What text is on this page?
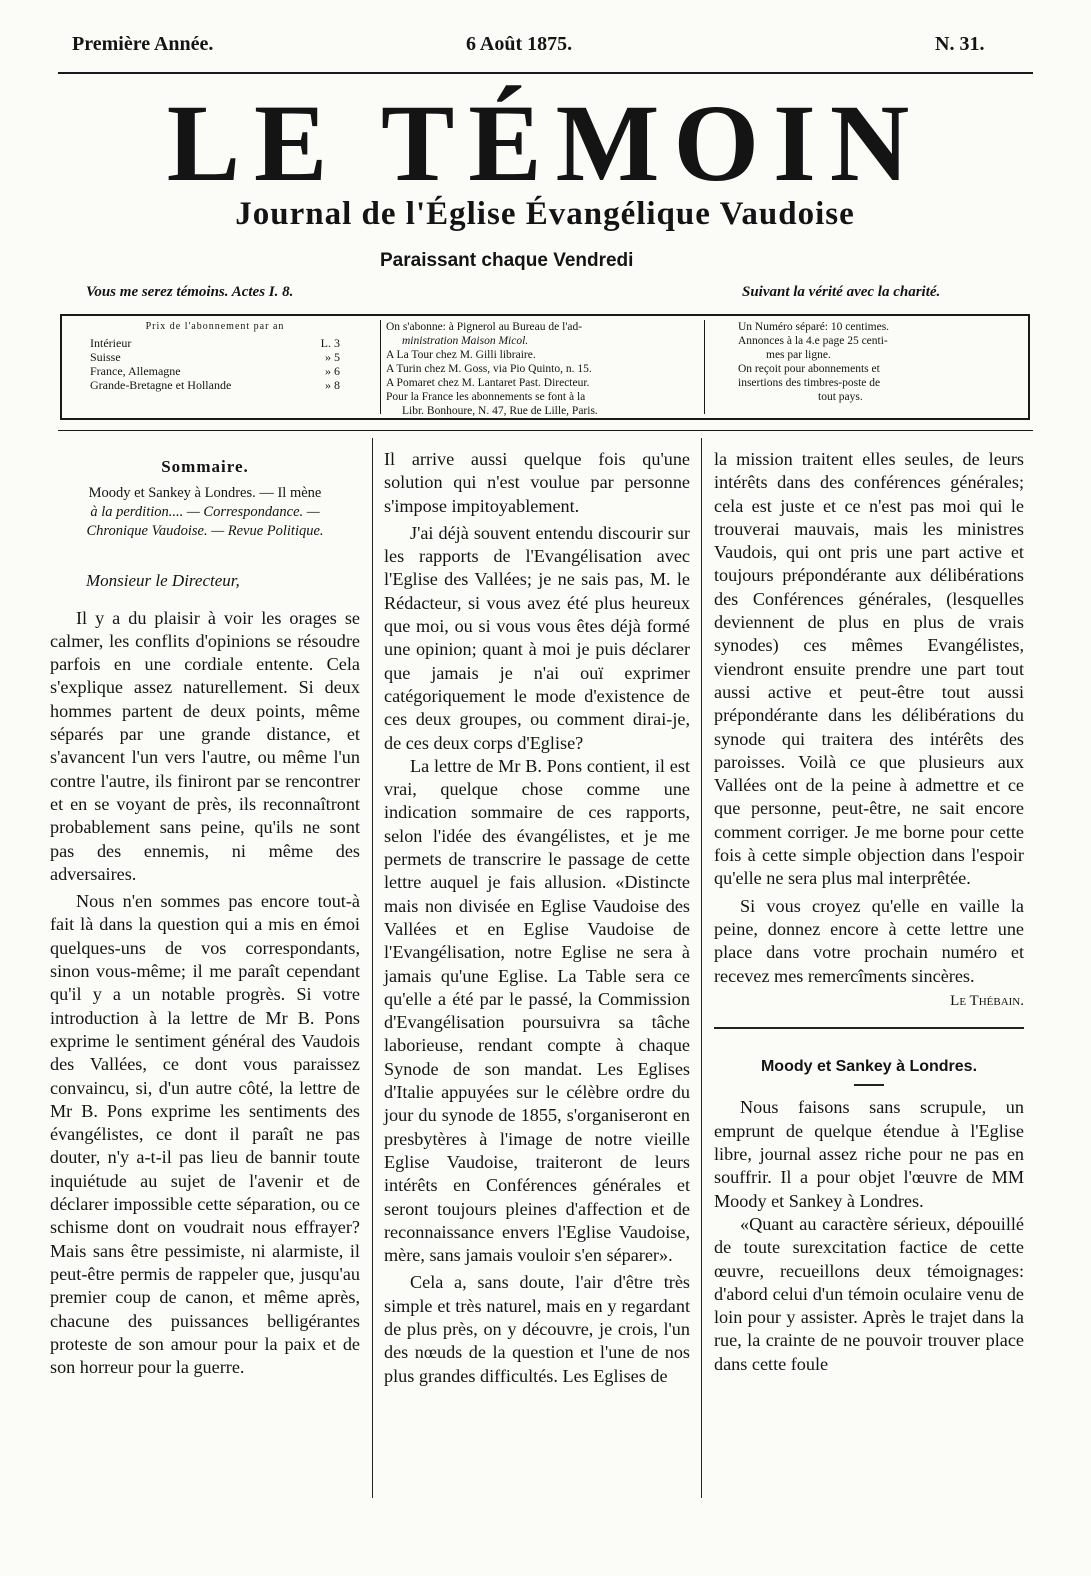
Première Année.	6 Août 1875.	N. 31.
LE TÉMOIN
Journal de l'Église Évangélique Vaudoise
Paraissant chaque Vendredi
Vous me serez témoins. Actes I. 8.	Suivant la vérité avec la charité.
Prix de l'abonnement par an
Intérieur	L. 3
Suisse	» 5
France, Allemagne	» 6
Grande-Bretagne et Hollande	» 8
On s'abonne: à Pignerol au Bureau de l'ad-
ministration Maison Micol.
A La Tour chez M. Gilli libraire.
A Turin chez M. Goss, via Pio Quinto, n. 15.
A Pomaret chez M. Lantaret Past. Directeur.
Pour la France les abonnements se font à la
Libr. Bonhoure, N. 47, Rue de Lille, Paris.
Un Numéro séparé: 10 centimes.
Annonces à la 4.e page 25 centi-
mes par ligne.
On reçoit pour abonnements et
insertions des timbres-poste de
tout pays.
Sommaire.
Moody et Sankey à Londres. — Il mène
à la perdition.... — Correspondance. —
Chronique Vaudoise. — Revue Politique.
Monsieur le Directeur,

Il y a du plaisir à voir les orages se calmer, les conflits d'opinions se résoudre parfois en une cordiale entente. Cela s'explique assez naturellement. Si deux hommes partent de deux points, même séparés par une grande distance, et s'avancent l'un vers l'autre, ou même l'un contre l'autre, ils finiront par se rencontrer et en se voyant de près, ils reconnaîtront probablement sans peine, qu'ils ne sont pas des ennemis, ni même des adversaires.

Nous n'en sommes pas encore tout-à fait là dans la question qui a mis en émoi quelques-uns de vos correspondants, sinon vous-même; il me paraît cependant qu'il y a un notable progrès. Si votre introduction à la lettre de Mr B. Pons exprime le sentiment général des Vaudois des Vallées, ce dont vous paraissez convaincu, si, d'un autre côté, la lettre de Mr B. Pons exprime les sentiments des évangélistes, ce dont il paraît ne pas douter, n'y a-t-il pas lieu de bannir toute inquiétude au sujet de l'avenir et de déclarer impossible cette séparation, ou ce schisme dont on voudrait nous effrayer? Mais sans être pessimiste, ni alarmiste, il peut-être permis de rappeler que, jusqu'au premier coup de canon, et même après, chacune des puissances belligérantes proteste de son amour pour la paix et de son horreur pour la guerre.

Il arrive aussi quelque fois qu'une solution qui n'est voulue par personne s'impose impitoyablement.

J'ai déjà souvent entendu discourir sur les rapports de l'Evangélisation avec l'Eglise des Vallées; je ne sais pas, M. le Rédacteur, si vous avez été plus heureux que moi, ou si vous vous êtes déjà formé une opinion; quant à moi je puis déclarer que jamais je n'ai ouï exprimer catégoriquement le mode d'existence de ces deux groupes, ou comment dirai-je, de ces deux corps d'Eglise?

La lettre de Mr B. Pons contient, il est vrai, quelque chose comme une indication sommaire de ces rapports, selon l'idée des évangélistes, et je me permets de transcrire le passage de cette lettre auquel je fais allusion. «Distincte mais non divisée en Eglise Vaudoise des Vallées et en Eglise Vaudoise de l'Evangélisation, notre Eglise ne sera à jamais qu'une Eglise. La Table sera ce qu'elle a été par le passé, la Commission d'Evangélisation poursuivra sa tâche laborieuse, rendant compte à chaque Synode de son mandat. Les Eglises d'Italie appuyées sur le célèbre ordre du jour du synode de 1855, s'organiseront en presbytères à l'image de notre vieille Eglise Vaudoise, traiteront de leurs intérêts en Conférences générales et seront toujours pleines d'affection et de reconnaissance envers l'Eglise Vaudoise, mère, sans jamais vouloir s'en séparer».

Cela a, sans doute, l'air d'être très simple et très naturel, mais en y regardant de plus près, on y découvre, je crois, l'un des nœuds de la question et l'une de nos plus grandes difficultés. Les Eglises de

la mission traitent elles seules, de leurs intérêts dans des conférences générales; cela est juste et ce n'est pas moi qui le trouverai mauvais, mais les ministres Vaudois, qui ont pris une part active et toujours prépondérante aux délibérations des Conférences générales, (lesquelles deviennent de plus en plus de vrais synodes) ces mêmes Evangélistes, viendront ensuite prendre une part tout aussi active et peut-être tout aussi prépondérante dans les délibérations du synode qui traitera des intérêts des paroisses. Voilà ce que plusieurs aux Vallées ont de la peine à admettre et ce que personne, peut-être, ne sait encore comment corriger. Je me borne pour cette fois à cette simple objection dans l'espoir qu'elle ne sera plus mal interprêtée.

Si vous croyez qu'elle en vaille la peine, donnez encore à cette lettre une place dans votre prochain numéro et recevez mes remercîments sincères.

Le Thébain.
Moody et Sankey à Londres.

Nous faisons sans scrupule, un emprunt de quelque étendue à l'Eglise libre, journal assez riche pour ne pas en souffrir. Il a pour objet l'œuvre de MM Moody et Sankey à Londres.

«Quant au caractère sérieux, dépouillé de toute surexcitation factice de cette œuvre, recueillons deux témoignages: d'abord celui d'un témoin oculaire venu de loin pour y assister. Après le trajet dans la rue, la crainte de ne pouvoir trouver place dans cette foule
